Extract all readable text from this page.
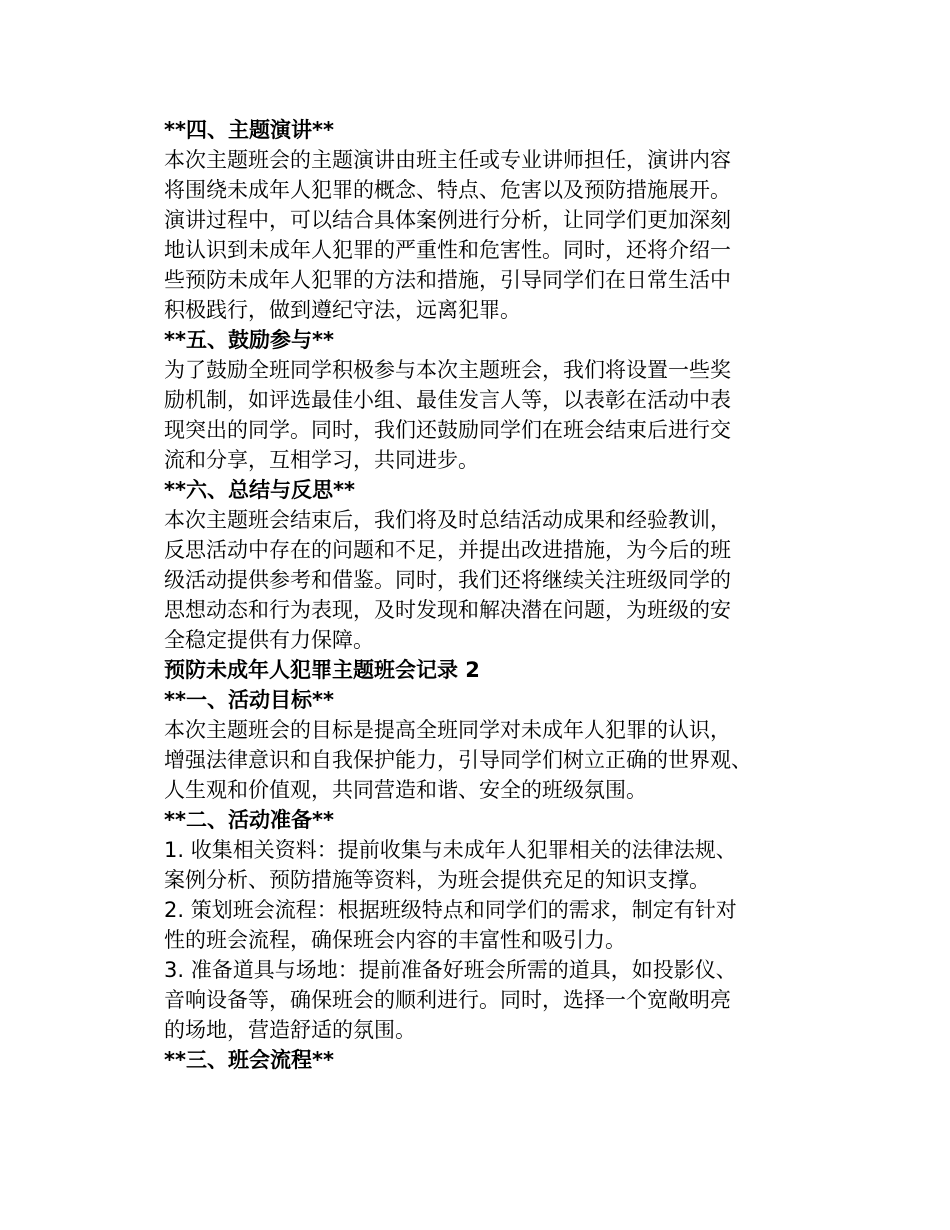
**四、主题演讲**
本次主题班会的主题演讲由班主任或专业讲师担任，演讲内容
将围绕未成年人犯罪的概念、特点、危害以及预防措施展开。
演讲过程中，可以结合具体案例进行分析，让同学们更加深刻
地认识到未成年人犯罪的严重性和危害性。同时，还将介绍一
些预防未成年人犯罪的方法和措施，引导同学们在日常生活中
积极践行，做到遵纪守法，远离犯罪。
**五、鼓励参与**
为了鼓励全班同学积极参与本次主题班会，我们将设置一些奖
励机制，如评选最佳小组、最佳发言人等，以表彰在活动中表
现突出的同学。同时，我们还鼓励同学们在班会结束后进行交
流和分享，互相学习，共同进步。
**六、总结与反思**
本次主题班会结束后，我们将及时总结活动成果和经验教训，
反思活动中存在的问题和不足，并提出改进措施，为今后的班
级活动提供参考和借鉴。同时，我们还将继续关注班级同学的
思想动态和行为表现，及时发现和解决潜在问题，为班级的安
全稳定提供有力保障。
预防未成年人犯罪主题班会记录 2
**一、活动目标**
本次主题班会的目标是提高全班同学对未成年人犯罪的认识，
增强法律意识和自我保护能力，引导同学们树立正确的世界观、
人生观和价值观，共同营造和谐、安全的班级氛围。
**二、活动准备**
1. 收集相关资料：提前收集与未成年人犯罪相关的法律法规、
案例分析、预防措施等资料，为班会提供充足的知识支撑。
2. 策划班会流程：根据班级特点和同学们的需求，制定有针对
性的班会流程，确保班会内容的丰富性和吸引力。
3. 准备道具与场地：提前准备好班会所需的道具，如投影仪、
音响设备等，确保班会的顺利进行。同时，选择一个宽敞明亮
的场地，营造舒适的氛围。
**三、班会流程**
